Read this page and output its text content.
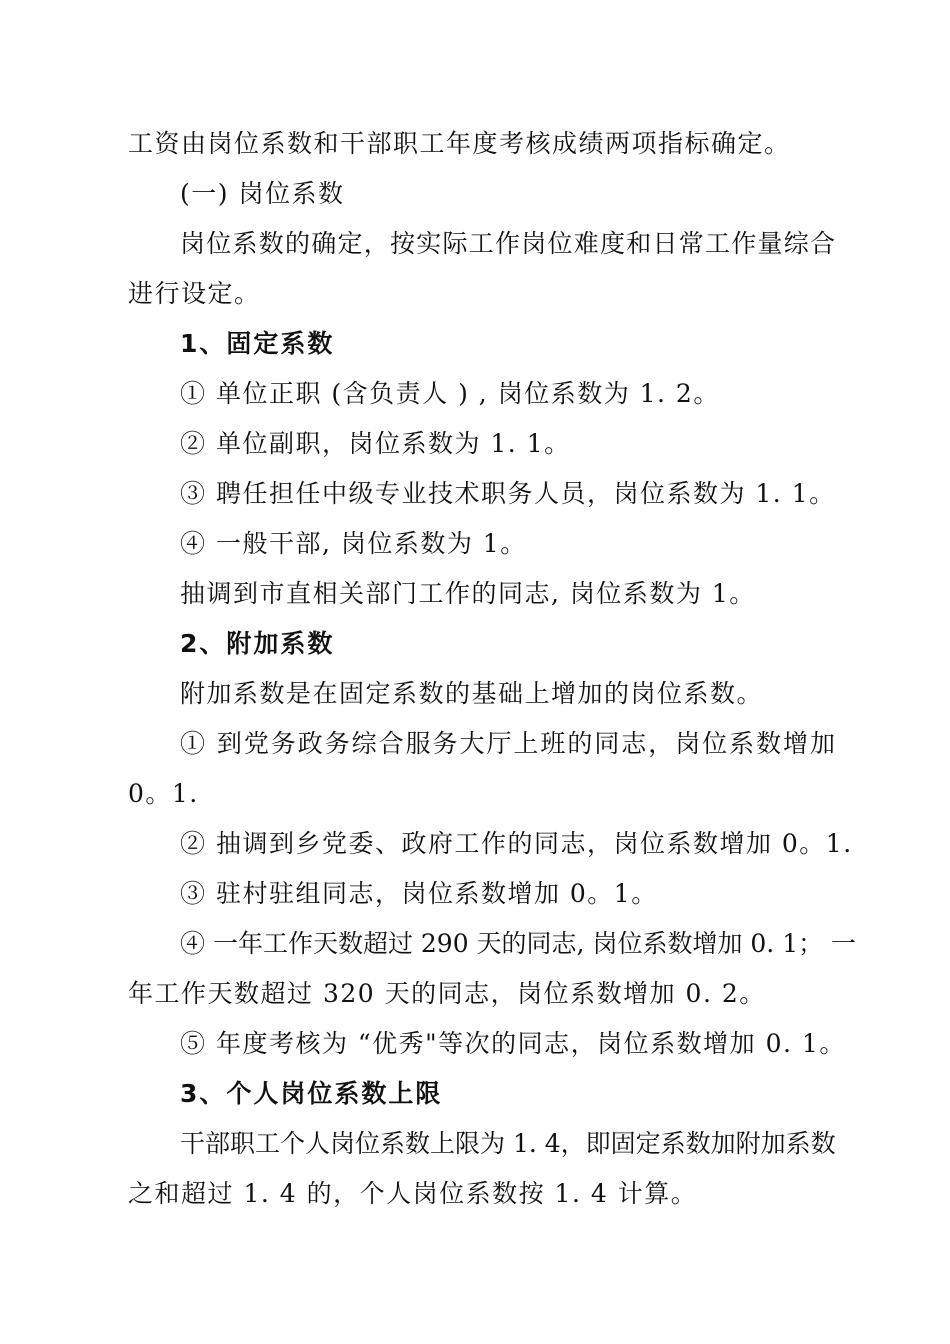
工资由岗位系数和干部职工年度考核成绩两项指标确定。
(一) 岗位系数
岗位系数的确定，按实际工作岗位难度和日常工作量综合
进行设定。
1、固定系数
① 单位正职 (含负责人 ) , 岗位系数为 1. 2。
② 单位副职，岗位系数为 1. 1。
③ 聘任担任中级专业技术职务人员，岗位系数为 1. 1。
④ 一般干部, 岗位系数为 1。
抽调到市直相关部门工作的同志, 岗位系数为 1。
2、附加系数
附加系数是在固定系数的基础上增加的岗位系数。
① 到党务政务综合服务大厅上班的同志，岗位系数增加
0。1.
② 抽调到乡党委、政府工作的同志，岗位系数增加 0。1.
③ 驻村驻组同志，岗位系数增加 0。1。
④ 一年工作天数超过 290 天的同志, 岗位系数增加 0. 1； 一
年工作天数超过 320 天的同志，岗位系数增加 0. 2。
⑤ 年度考核为 “优秀"等次的同志，岗位系数增加 0. 1。
3、个人岗位系数上限
干部职工个人岗位系数上限为 1. 4，即固定系数加附加系数
之和超过 1. 4 的，个人岗位系数按 1. 4 计算。
